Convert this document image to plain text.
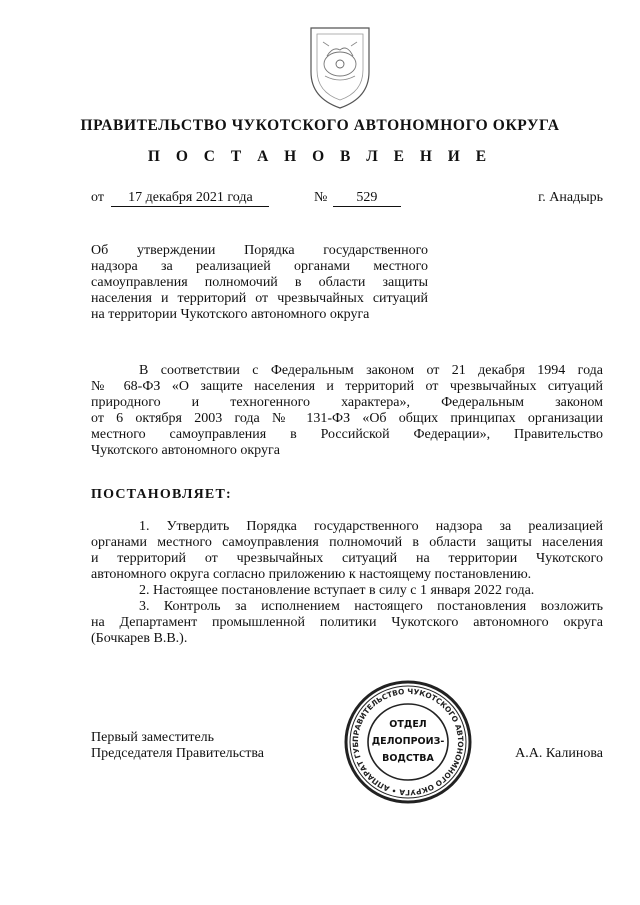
ПРАВИТЕЛЬСТВО ЧУКОТСКОГО АВТОНОМНОГО ОКРУГА
П О С Т А Н О В Л Е Н И Е
от 17 декабря 2021 года	№ 529	г. Анадырь
Об утверждении Порядка государственного
надзора за реализацией органами местного
самоуправления полномочий в области защиты
населения и территорий от чрезвычайных ситуаций
на территории Чукотского автономного округа
В соответствии с Федеральным законом от 21 декабря 1994 года
№ 68-ФЗ «О защите населения и территорий от чрезвычайных ситуаций
природного и техногенного характера», Федеральным законом
от 6 октября 2003 года № 131-ФЗ «Об общих принципах организации
местного самоуправления в Российской Федерации», Правительство
Чукотского автономного округа
ПОСТАНОВЛЯЕТ:
1. Утвердить Порядка государственного надзора за реализацией
органами местного самоуправления полномочий в области защиты населения
и территорий от чрезвычайных ситуаций на территории Чукотского
автономного округа согласно приложению к настоящему постановлению.
2. Настоящее постановление вступает в силу с 1 января 2022 года.
3. Контроль за исполнением настоящего постановления возложить
на Департамент промышленной политики Чукотского автономного округа
(Бочкарев В.В.).
Первый заместитель
Председателя Правительства	А.А. Калинова
ПРАВИТЕЛЬСТВО ЧУКОТСКОГО АВТОНОМНОГО ОКРУГА • АППАРАТ ГУБ
ОТДЕЛ
ДЕЛОПРОИЗ-
ВОДСТВА
